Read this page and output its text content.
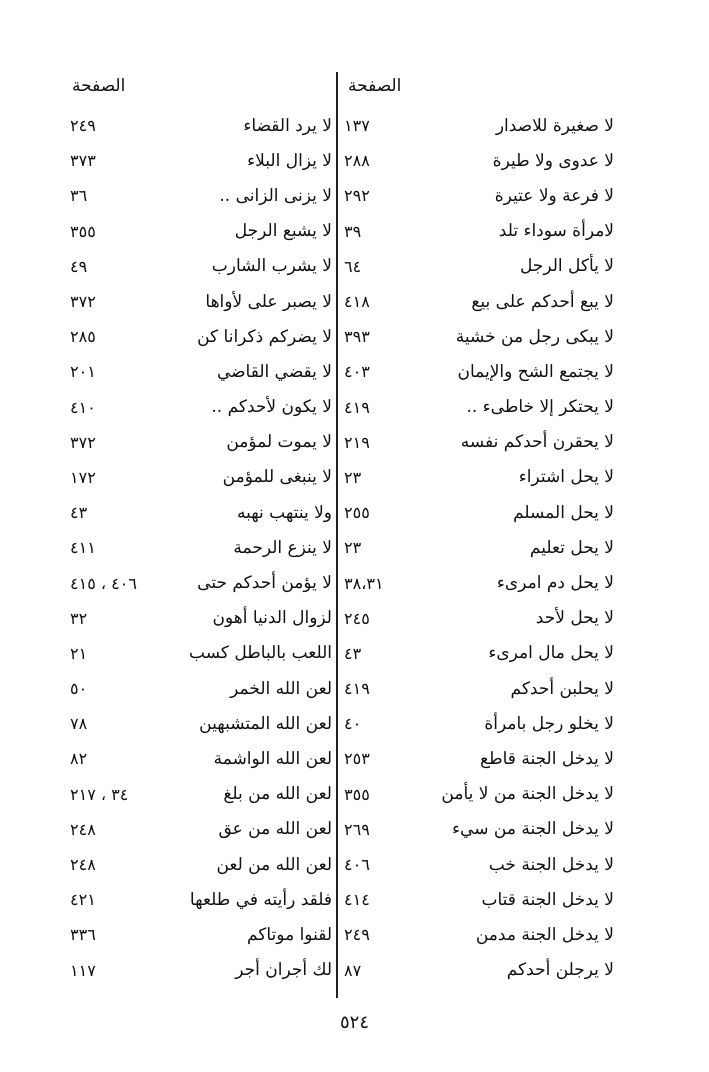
الصفحة
الصفحة
لا صغيرة للاصدار
١٣٧
لا عدوى ولا طيرة
٢٨٨
لا فرعة ولا عتيرة
٢٩٢
لامرأة سوداء تلد
٣٩
لا يأكل الرجل
٦٤
لا يبع أحدكم على بيع
٤١٨
لا يبكى رجل من خشية
٣٩٣
لا يجتمع الشح والإيمان
٤٠٣
لا يحتكر إلا خاطىء ..
٤١٩
لا يحقرن أحدكم نفسه
٢١٩
لا يحل اشتراء
٢٣
لا يحل المسلم
٢٥٥
لا يحل تعليم
٢٣
لا يحل دم امرىء
٣٨،٣١
لا يحل لأحد
٢٤٥
لا يحل مال امرىء
٤٣
لا يحلبن أحدكم
٤١٩
لا يخلو رجل بامرأة
٤٠
لا يدخل الجنة قاطع
٢٥٣
لا يدخل الجنة من لا يأمن
٣٥٥
لا يدخل الجنة من سيء
٢٦٩
لا يدخل الجنة خب
٤٠٦
لا يدخل الجنة قتاب
٤١٤
لا يدخل الجنة مدمن
٢٤٩
لا يرجلن أحدكم
٨٧
لا يرد القضاء
٢٤٩
لا يزال البلاء
٣٧٣
لا يزنى الزانى ..
٣٦
لا يشبع الرجل
٣٥٥
لا يشرب الشارب
٤٩
لا يصبر على لأواها
٣٧٢
لا يضركم ذكرانا كن
٢٨٥
لا يقضي القاضي
٢٠١
لا يكون لأحدكم ..
٤١٠
لا يموت لمؤمن
٣٧٢
لا ينبغى للمؤمن
١٧٢
ولا ينتهب نهبه
٤٣
لا ينزع الرحمة
٤١١
لا يؤمن أحدكم حتى
٤٠٦ ، ٤١٥
لزوال الدنيا أهون
٣٢
اللعب بالباطل كسب
٢١
لعن الله الخمر
٥٠
لعن الله المتشبهين
٧٨
لعن الله الواشمة
٨٢
لعن الله من بلغ
٣٤ ، ٢١٧
لعن الله من عق
٢٤٨
لعن الله من لعن
٢٤٨
فلقد رأيته في طلعها
٤٢١
لقنوا موتاكم
٣٣٦
لك أجران أجر
١١٧
٥٢٤
